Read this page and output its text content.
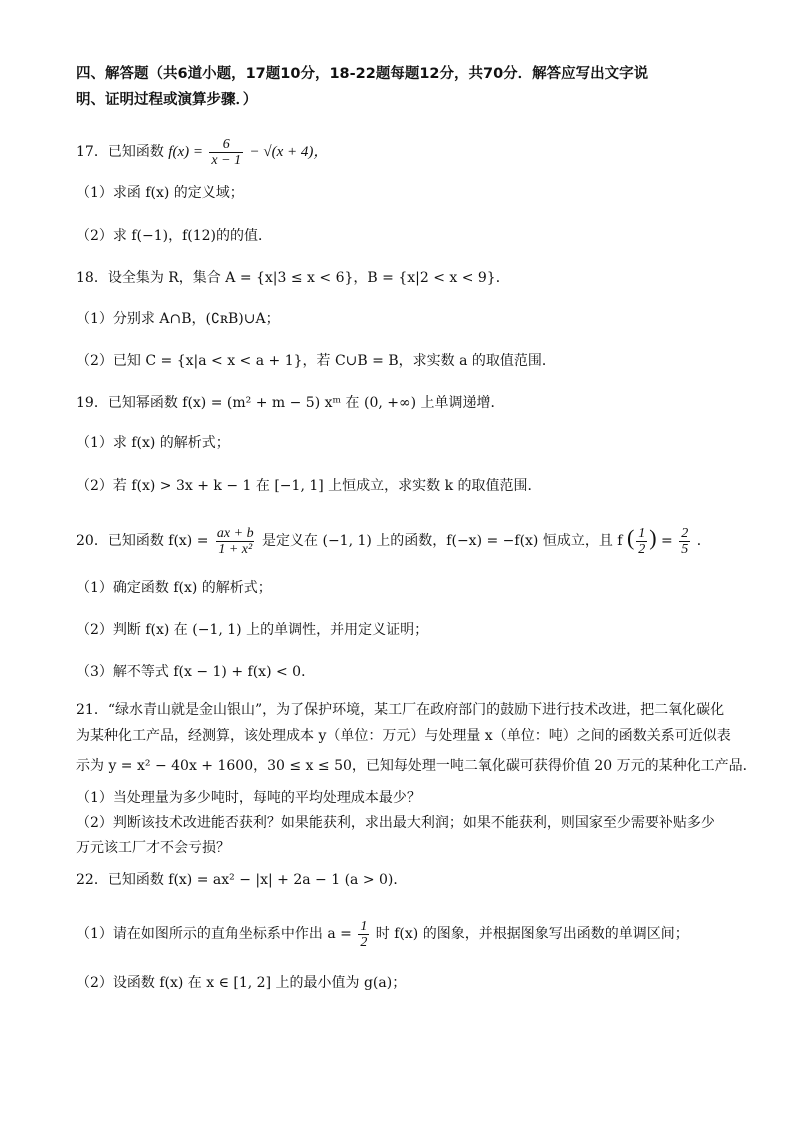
四、解答题（共6道小题，17题10分，18-22题每题12分，共70分．解答应写出文字说
明、证明过程或演算步骤．）
17．已知函数 $f(x) = \frac{6}{x - 1} - √(x + 4)$，
（1）求函 f(x) 的定义域；
（2）求 f(−1)，f(12)的的值．
18．设全集为 R，集合 A = {x|3 ≤ x < 6}，B = {x|2 < x < 9}．
（1）分别求 A∩B，(∁ʀB)∪A；
（2）已知 C = {x|a < x < a + 1}，若 C∪B = B，求实数 a 的取值范围．
19．已知幂函数 f(x) = (m² + m − 5) xᵐ 在 (0, +∞) 上单调递增．
（1）求 f(x) 的解析式；
（2）若 f(x) > 3x + k − 1 在 [−1, 1] 上恒成立，求实数 k 的取值范围．
20．已知函数 $f(x) = \frac{ax + b}{\text{1 + x²}}$ 是定义在 (−1, 1) 上的函数，f(−x) = −f(x) 恒成立，且 f ( $\frac{1}{2}$ ) = $\frac{2}{5}$ ．
（1）确定函数 f(x) 的解析式；
（2）判断 f(x) 在 (−1, 1) 上的单调性，并用定义证明；
（3）解不等式 f(x − 1) + f(x) < 0．
21．“绿水青山就是金山银山”，为了保护环境，某工厂在政府部门的鼓励下进行技术改进，把二氧化碳化
为某种化工产品，经测算，该处理成本 y（单位：万元）与处理量 x（单位：吨）之间的函数关系可近似表
示为 y = x² − 40x + 1600，30 ≤ x ≤ 50，已知每处理一吨二氧化碳可获得价值 20 万元的某种化工产品．
（1）当处理量为多少吨时，每吨的平均处理成本最少？
（2）判断该技术改进能否获利？如果能获利，求出最大利润；如果不能获利，则国家至少需要补贴多少
万元该工厂才不会亏损？
22．已知函数 f(x) = ax² − |x| + 2a − 1 (a > 0)．
（1）请在如图所示的直角坐标系中作出 $a = \frac{1}{2}$ 时 f(x) 的图象，并根据图象写出函数的单调区间；
（2）设函数 f(x) 在 x ∈ [1, 2] 上的最小值为 g(a)；
